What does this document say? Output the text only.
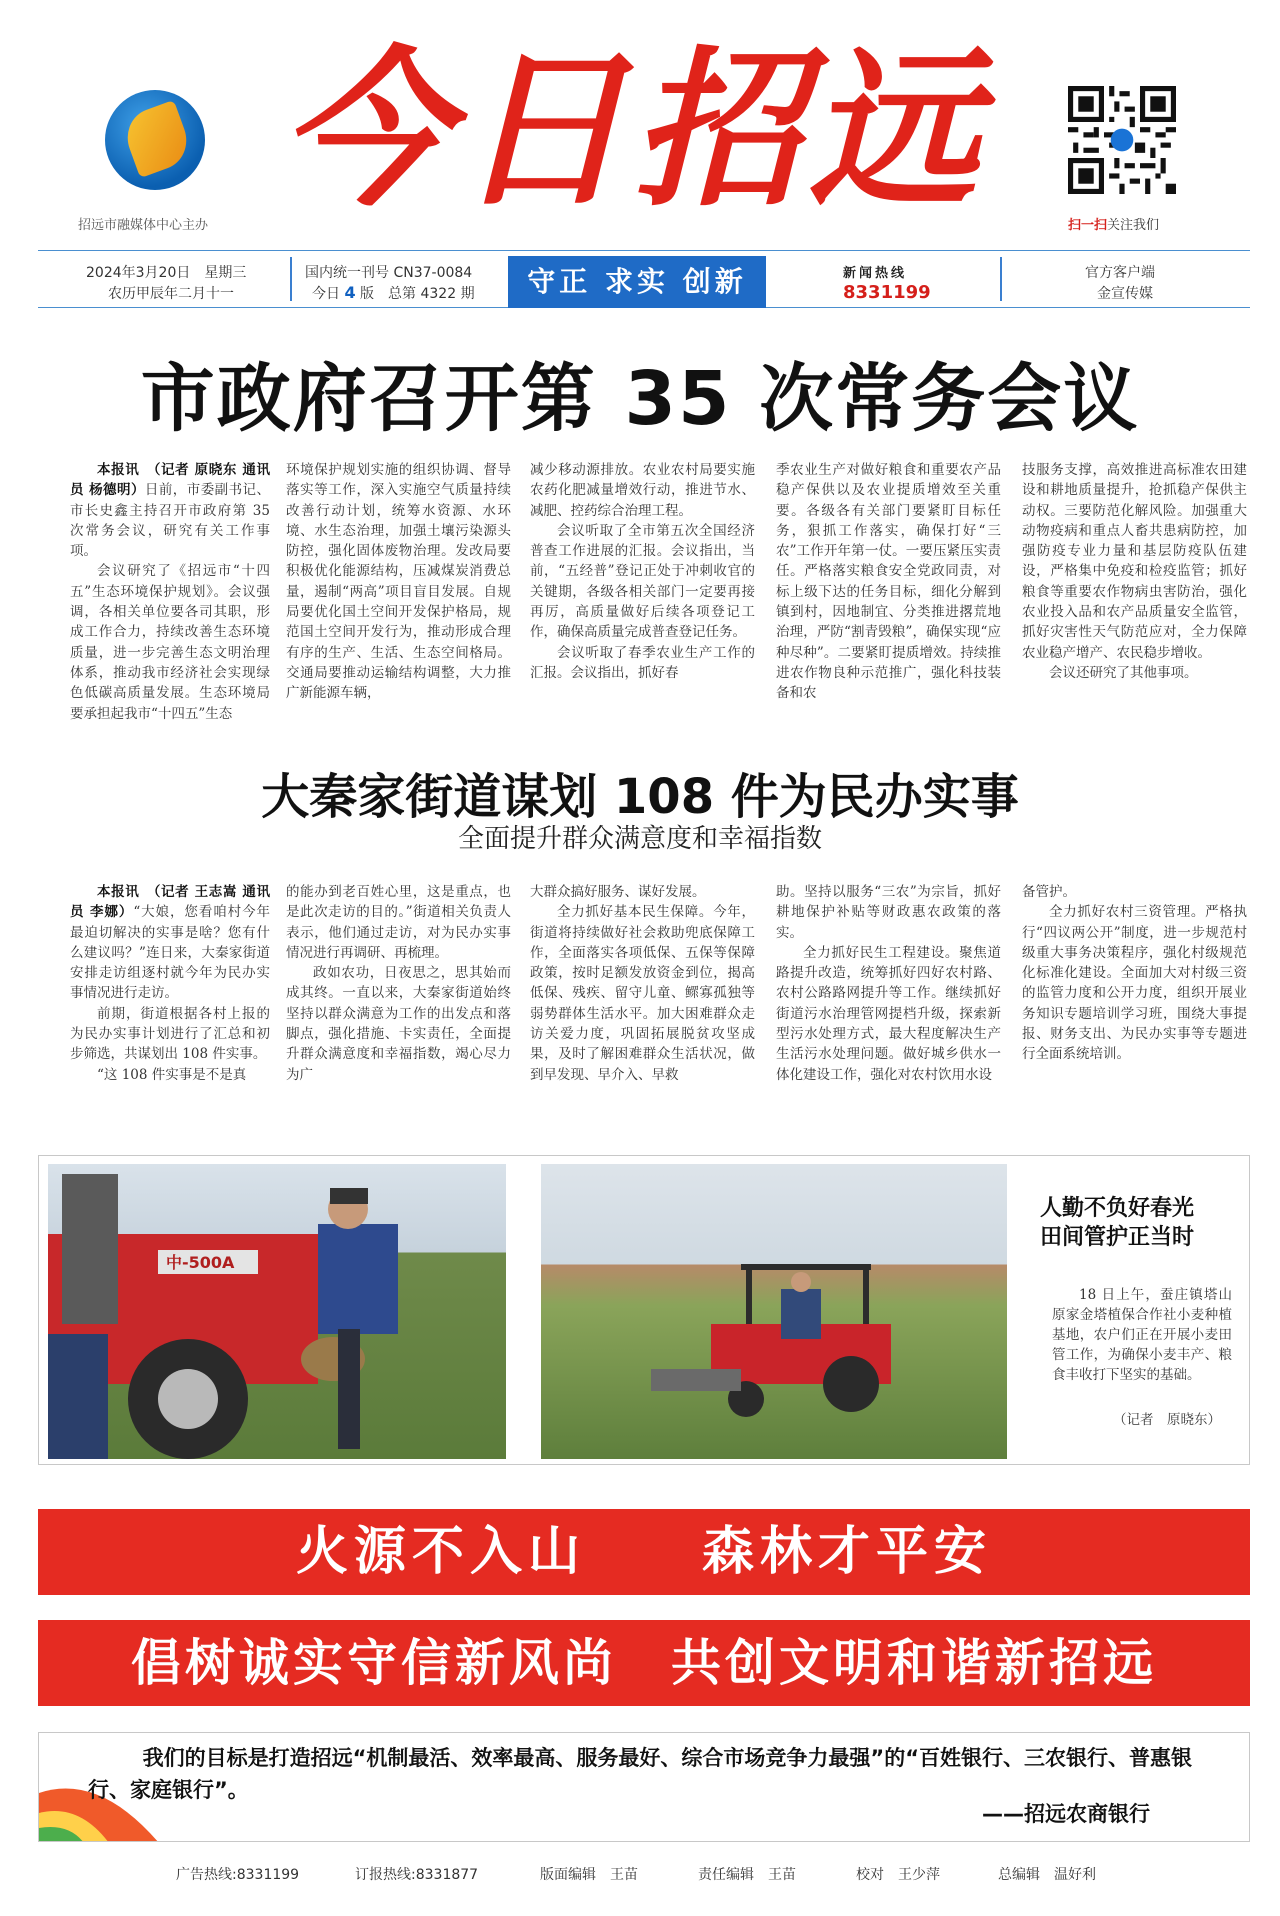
招远市融媒体中心主办 今日招远	扫一扫关注我们
2024年3月20日　星期三
农历甲辰年二月十一
国内统一刊号 CN37-0084
今日 4 版　总第 4322 期	守正 求实 创新	新闻热线
8331199
官方客户端
金宣传媒
市政府召开第 35 次常务会议

本报讯　（记者 原晓东 通讯员 杨德明）日前，市委副书记、市长史鑫主持召开市政府第 35 次常务会议，研究有关工作事项。

会议研究了《招远市“十四五”生态环境保护规划》。会议强调，各相关单位要各司其职，形成工作合力，持续改善生态环境质量，进一步完善生态文明治理体系，推动我市经济社会实现绿色低碳高质量发展。生态环境局要承担起我市“十四五”生态

环境保护规划实施的组织协调、督导落实等工作，深入实施空气质量持续改善行动计划，统筹水资源、水环境、水生态治理，加强土壤污染源头防控，强化固体废物治理。发改局要积极优化能源结构，压减煤炭消费总量，遏制“两高”项目盲目发展。自规局要优化国土空间开发保护格局，规范国土空间开发行为，推动形成合理有序的生产、生活、生态空间格局。交通局要推动运输结构调整，大力推广新能源车辆，

减少移动源排放。农业农村局要实施农药化肥减量增效行动，推进节水、减肥、控药综合治理工程。

会议听取了全市第五次全国经济普查工作进展的汇报。会议指出，当前，“五经普”登记正处于冲刺收官的关键期，各级各相关部门一定要再接再厉，高质量做好后续各项登记工作，确保高质量完成普查登记任务。

会议听取了春季农业生产工作的汇报。会议指出，抓好春

季农业生产对做好粮食和重要农产品稳产保供以及农业提质增效至关重要。各级各有关部门要紧盯目标任务，狠抓工作落实，确保打好“三农”工作开年第一仗。一要压紧压实责任。严格落实粮食安全党政同责，对标上级下达的任务目标，细化分解到镇到村，因地制宜、分类推进撂荒地治理，严防“割青毁粮”，确保实现“应种尽种”。二要紧盯提质增效。持续推进农作物良种示范推广，强化科技装备和农

技服务支撑，高效推进高标准农田建设和耕地质量提升，抢抓稳产保供主动权。三要防范化解风险。加强重大动物疫病和重点人畜共患病防控，加强防疫专业力量和基层防疫队伍建设，严格集中免疫和检疫监管；抓好粮食等重要农作物病虫害防治，强化农业投入品和农产品质量安全监管，抓好灾害性天气防范应对，全力保障农业稳产增产、农民稳步增收。

会议还研究了其他事项。

大秦家街道谋划 108 件为民办实事
全面提升群众满意度和幸福指数

本报讯　（记者 王志嵩 通讯员 李娜）“大娘，您看咱村今年最迫切解决的实事是啥？您有什么建议吗？”连日来，大秦家街道安排走访组逐村就今年为民办实事情况进行走访。

前期，街道根据各村上报的为民办实事计划进行了汇总和初步筛选，共谋划出 108 件实事。

“这 108 件实事是不是真

的能办到老百姓心里，这是重点，也是此次走访的目的。”街道相关负责人表示，他们通过走访，对为民办实事情况进行再调研、再梳理。

政如农功，日夜思之，思其始而成其终。一直以来，大秦家街道始终坚持以群众满意为工作的出发点和落脚点，强化措施、卡实责任，全面提升群众满意度和幸福指数，竭心尽力为广

大群众搞好服务、谋好发展。

全力抓好基本民生保障。今年，街道将持续做好社会救助兜底保障工作，全面落实各项低保、五保等保障政策，按时足额发放资金到位，揭高低保、残疾、留守儿童、鳏寡孤独等弱势群体生活水平。加大困难群众走访关爱力度，巩固拓展脱贫攻坚成果，及时了解困难群众生活状况，做到早发现、早介入、早救

助。坚持以服务“三农”为宗旨，抓好耕地保护补贴等财政惠农政策的落实。

全力抓好民生工程建设。聚焦道路提升改造，统筹抓好四好农村路、农村公路路网提升等工作。继续抓好街道污水治理管网提档升级，探索新型污水处理方式，最大程度解决生产生活污水处理问题。做好城乡供水一体化建设工作，强化对农村饮用水设

备管护。

全力抓好农村三资管理。严格执行“四议两公开”制度，进一步规范村级重大事务决策程序，强化村级规范化标准化建设。全面加大对村级三资的监管力度和公开力度，组织开展业务知识专题培训学习班，围绕大事提报、财务支出、为民办实事等专题进行全面系统培训。

中-500A
人勤不负好春光
田间管护正当时

18 日上午，蚕庄镇塔山原家金塔植保合作社小麦种植基地，农户们正在开展小麦田管工作，为确保小麦丰产、粮食丰收打下坚实的基础。

（记者　原晓东）
火源不入山　　森林才平安
倡树诚实守信新风尚　共创文明和谐新招远
我们的目标是打造招远“机制最活、效率最高、服务最好、综合市场竞争力最强”的“百姓银行、三农银行、普惠银行、家庭银行”。
——招远农商银行
广告热线:8331199	订报热线:8331877	版面编辑　王苗	责任编辑　王苗	校对　王少萍	总编辑　温好利
